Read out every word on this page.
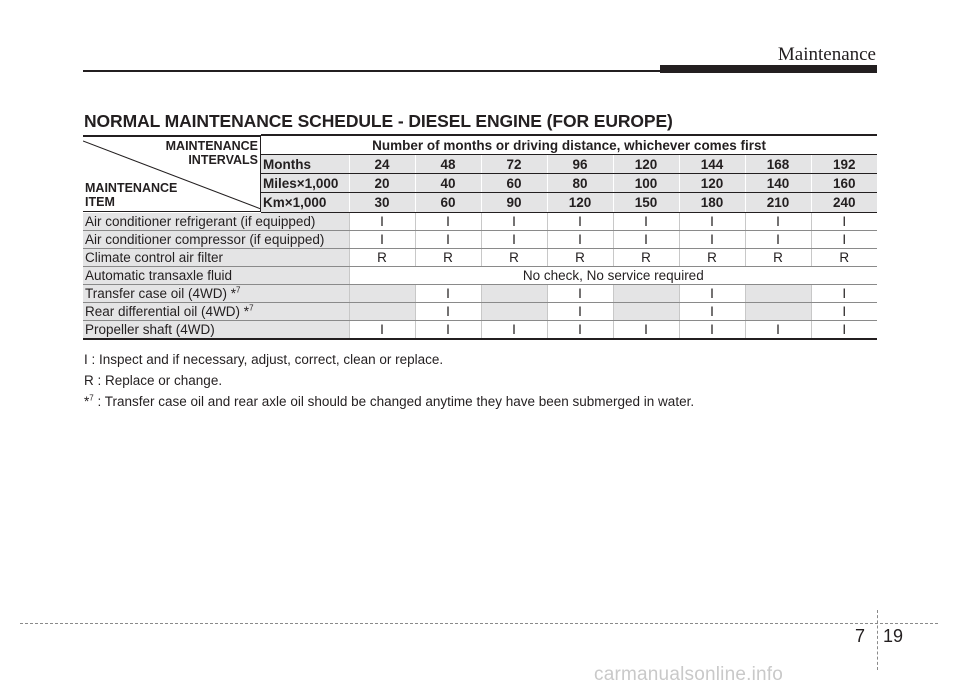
Maintenance
NORMAL MAINTENANCE SCHEDULE - DIESEL ENGINE (FOR EUROPE)
MAINTENANCE
INTERVALS
MAINTENANCE
ITEM	Number of months or driving distance, whichever comes first								
	Months	24	48	72	96	120	144	168	192
	Miles×1,000	20	40	60	80	100	120	140	160
	Km×1,000	30	60	90	120	150	180	210	240
Air conditioner refrigerant (if equipped)		I	I	I	I	I	I	I	I
Air conditioner compressor (if equipped)		I	I	I	I	I	I	I	I
Climate control air filter		R	R	R	R	R	R	R	R
Automatic transaxle fluid		No check, No service required							
Transfer case oil (4WD) *$^7$			I		I		I		I
Rear differential oil (4WD) *$^7$			I		I		I		I
Propeller shaft (4WD)		I	I	I	I	I	I	I	I
I : Inspect and if necessary, adjust, correct, clean or replace.
R : Replace or change.
*$^7$ : Transfer case oil and rear axle oil should be changed anytime they have been submerged in water.
7 19
carmanualsonline.info
